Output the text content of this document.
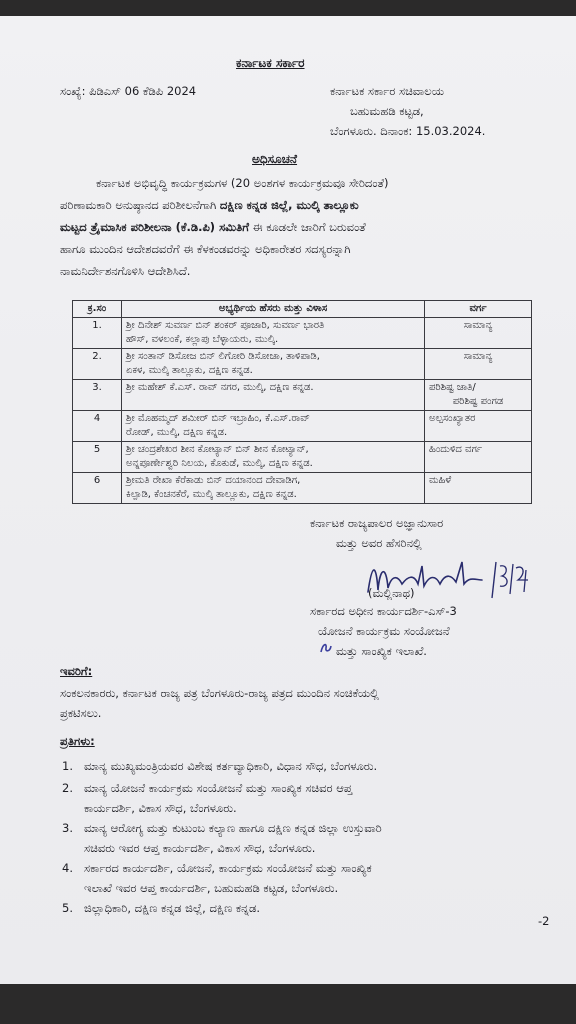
ಕರ್ನಾಟಕ ಸರ್ಕಾರ
ಸಂಖ್ಯೆ: ಪಿಡಿಎಸ್ 06 ಕೆಡಿಪಿ 2024	ಕರ್ನಾಟಕ ಸರ್ಕಾರ ಸಚಿವಾಲಯ
ಬಹುಮಹಡಿ ಕಟ್ಟಡ,
ಬೆಂಗಳೂರು. ದಿನಾಂಕ: 15.03.2024.
ಅಧಿಸೂಚನೆ
ಕರ್ನಾಟಕ ಅಭಿವೃದ್ಧಿ ಕಾರ್ಯಕ್ರಮಗಳ (20 ಅಂಶಗಳ ಕಾರ್ಯಕ್ರಮವೂ ಸೇರಿದಂತೆ)
ಪರಿಣಾಮಕಾರಿ ಅನುಷ್ಠಾನದ ಪರಿಶೀಲನೆಗಾಗಿ ದಕ್ಷಿಣ ಕನ್ನಡ ಜಿಲ್ಲೆ, ಮುಲ್ಕಿ ತಾಲ್ಲೂಕು
ಮಟ್ಟದ ತ್ರೈಮಾಸಿಕ ಪರಿಶೀಲನಾ (ಕೆ.ಡಿ.ಪಿ) ಸಮಿತಿಗೆ ಈ ಕೂಡಲೇ ಜಾರಿಗೆ ಬರುವಂತೆ
ಹಾಗೂ ಮುಂದಿನ ಆದೇಶದವರೆಗೆ ಈ ಕೆಳಕಂಡವರನ್ನು ಅಧಿಕಾರೇತರ ಸದಸ್ಯರನ್ನಾಗಿ
ನಾಮನಿರ್ದೇಶನಗೊಳಿಸಿ ಆದೇಶಿಸಿದೆ.
ಕ್ರ.ಸಂ	ಅಭ್ಯರ್ಥಿಯ ಹೆಸರು ಮತ್ತು ವಿಳಾಸ	ವರ್ಗ
1.	ಶ್ರೀ ದಿನೇಶ್ ಸುವರ್ಣ ಬಿನ್ ಶಂಕರ್ ಪೂಜಾರಿ, ಸುವರ್ಣ ಭಾರತಿ
ಹೌಸ್, ವಳಲಂಕೆ, ಕಲ್ಲಾಪು ಬೆಳ್ಳಾಯರು, ಮುಲ್ಕಿ.	ಸಾಮಾನ್ಯ

2.	ಶ್ರೀ ಸಂತಾನ್ ಡಿಸೋಜ ಬಿನ್ ಲಿಗೋರಿ ಡಿಸೋಜಾ, ತಾಳಿಪಾಡಿ,
ಏಕಳ, ಮುಲ್ಕಿ ತಾಲ್ಲೂಕು, ದಕ್ಷಿಣ ಕನ್ನಡ.	ಸಾಮಾನ್ಯ

3.	ಶ್ರೀ ಮಹೇಶ್ ಕೆ.ಎಸ್. ರಾವ್ ನಗರ, ಮುಲ್ಕಿ, ದಕ್ಷಿಣ ಕನ್ನಡ.	ಪರಿಶಿಷ್ಟ ಜಾತಿ/
ಪರಿಶಿಷ್ಟ ಪಂಗಡ

4	ಶ್ರೀ ಮೊಹಮ್ಮದ್ ಶಮೀರ್ ಬಿನ್ ಇಬ್ರಾಹಿಂ, ಕೆ.ಎಸ್.ರಾವ್
ರೋಡ್, ಮುಲ್ಕಿ, ದಕ್ಷಿಣ ಕನ್ನಡ.	ಅಲ್ಪಸಂಖ್ಯಾತರ

5	ಶ್ರೀ ಚಂದ್ರಶೇಖರ ಶೀನ ಕೋಟ್ಯಾನ್ ಬಿನ್ ಶೀನ ಕೋಟ್ಯಾನ್,
ಅನ್ನಪೂರ್ಣೇಶ್ವರಿ ನಿಲಯ, ಕೊಕುಡೆ, ಮುಲ್ಕಿ, ದಕ್ಷಿಣ ಕನ್ನಡ.	ಹಿಂದುಳಿದ ವರ್ಗ

6	ಶ್ರೀಮತಿ ರೇಖಾ ಕೆರೆಕಾಡು ಬಿನ್ ದಯಾನಂದ ದೇವಾಡಿಗ,
ಕಿಲ್ಪಾಡಿ, ಕೆಂಚನಕೆರೆ, ಮುಲ್ಕಿ ತಾಲ್ಲೂಕು, ದಕ್ಷಿಣ ಕನ್ನಡ.	ಮಹಿಳೆ
ಕರ್ನಾಟಕ ರಾಜ್ಯಪಾಲರ ಅಜ್ಞಾನುಸಾರ
ಮತ್ತು ಅವರ ಹೆಸರಿನಲ್ಲಿ
(ಮಲ್ಲಿನಾಥ)
ಸರ್ಕಾರದ ಅಧೀನ ಕಾರ್ಯದರ್ಶಿ-ಎಸ್-3
ಯೋಜನೆ ಕಾರ್ಯಕ್ರಮ ಸಂಯೋಜನೆ
ಮತ್ತು ಸಾಂಖ್ಯಿಕ ಇಲಾಖೆ.
ಇವರಿಗೆ:
ಸಂಕಲನಕಾರರು, ಕರ್ನಾಟಕ ರಾಜ್ಯ ಪತ್ರ ಬೆಂಗಳೂರು-ರಾಜ್ಯ ಪತ್ರದ ಮುಂದಿನ ಸಂಚಿಕೆಯಲ್ಲಿ
ಪ್ರಕಟಿಸಲು.
ಪ್ರತಿಗಳು:
1. ಮಾನ್ಯ ಮುಖ್ಯಮಂತ್ರಿಯವರ ವಿಶೇಷ ಕರ್ತವ್ಯಾಧಿಕಾರಿ, ವಿಧಾನ ಸೌಧ, ಬೆಂಗಳೂರು.
2. ಮಾನ್ಯ ಯೋಜನೆ ಕಾರ್ಯಕ್ರಮ ಸಂಯೋಜನೆ ಮತ್ತು ಸಾಂಖ್ಯಿಕ ಸಚಿವರ ಆಪ್ತ
ಕಾರ್ಯದರ್ಶಿ, ವಿಕಾಸ ಸೌಧ, ಬೆಂಗಳೂರು.
3. ಮಾನ್ಯ ಆರೋಗ್ಯ ಮತ್ತು ಕುಟುಂಬ ಕಲ್ಯಾಣ ಹಾಗೂ ದಕ್ಷಿಣ ಕನ್ನಡ ಜಿಲ್ಲಾ ಉಸ್ತುವಾರಿ
ಸಚಿವರು ಇವರ ಆಪ್ತ ಕಾರ್ಯದರ್ಶಿ, ವಿಕಾಸ ಸೌಧ, ಬೆಂಗಳೂರು.
4. ಸರ್ಕಾರದ ಕಾರ್ಯದರ್ಶಿ, ಯೋಜನೆ, ಕಾರ್ಯಕ್ರಮ ಸಂಯೋಜನೆ ಮತ್ತು ಸಾಂಖ್ಯಿಕ
ಇಲಾಖೆ ಇವರ ಆಪ್ತ ಕಾರ್ಯದರ್ಶಿ, ಬಹುಮಹಡಿ ಕಟ್ಟಡ, ಬೆಂಗಳೂರು.
5. ಜಿಲ್ಲಾಧಿಕಾರಿ, ದಕ್ಷಿಣ ಕನ್ನಡ ಜಿಲ್ಲೆ, ದಕ್ಷಿಣ ಕನ್ನಡ.
-2
